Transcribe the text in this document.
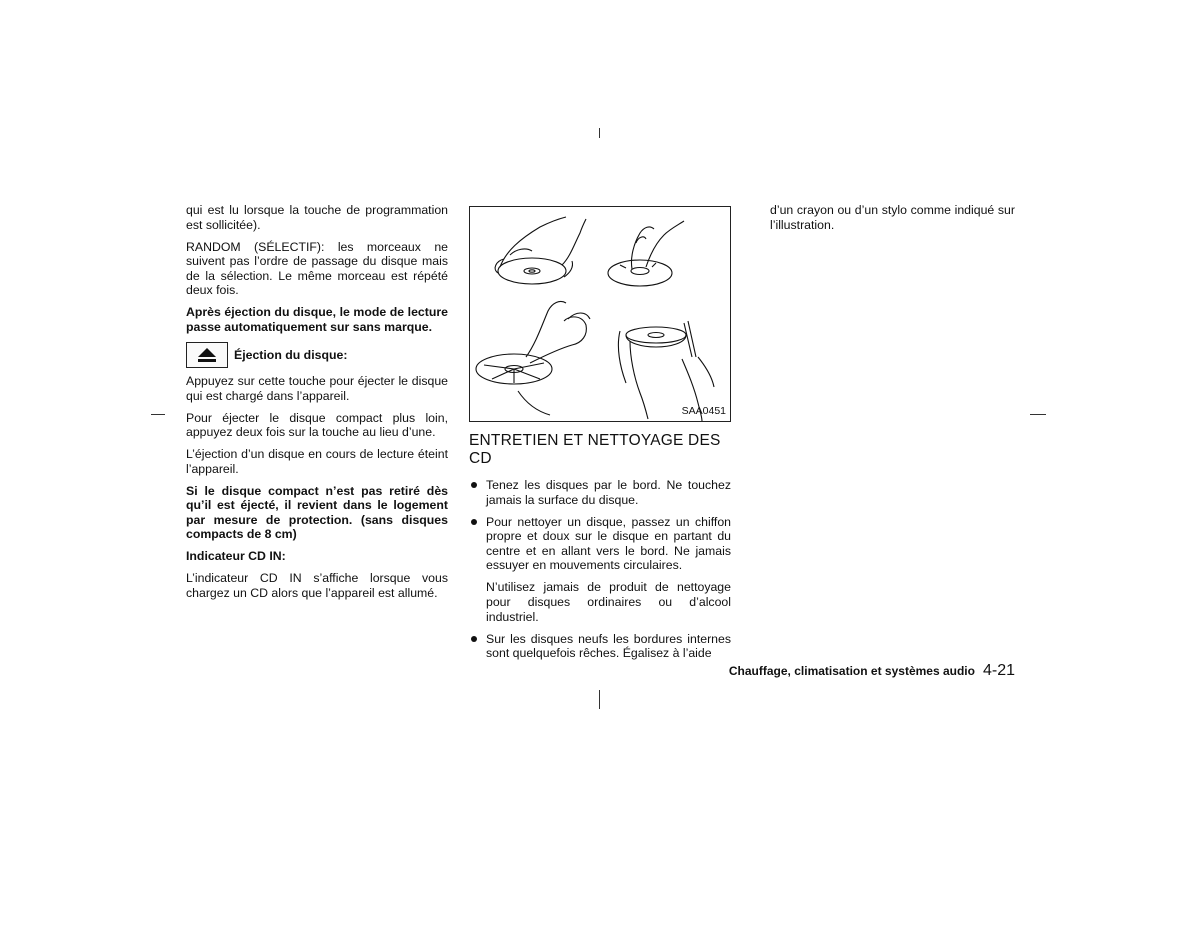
qui est lu lorsque la touche de programmation est sollicitée).

RANDOM (SÉLECTIF): les morceaux ne suivent pas l’ordre de passage du disque mais de la sélection. Le même morceau est répété deux fois.

Après éjection du disque, le mode de lecture passe automatiquement sur sans marque.

Éjection du disque:

Appuyez sur cette touche pour éjecter le disque qui est chargé dans l’appareil.

Pour éjecter le disque compact plus loin, appuyez deux fois sur la touche au lieu d’une.

L’éjection d’un disque en cours de lecture éteint l’appareil.

Si le disque compact n’est pas retiré dès qu’il est éjecté, il revient dans le logement par mesure de protection. (sans disques compacts de 8 cm)

Indicateur CD IN:

L’indicateur CD IN s’affiche lorsque vous chargez un CD alors que l’appareil est allumé.

SAA0451
ENTRETIEN ET NETTOYAGE DES CD

Tenez les disques par le bord. Ne touchez jamais la surface du disque.

Pour nettoyer un disque, passez un chiffon propre et doux sur le disque en partant du centre et en allant vers le bord. Ne jamais essuyer en mouvements circulaires.

N’utilisez jamais de produit de nettoyage pour disques ordinaires ou d’alcool industriel.

Sur les disques neufs les bordures internes sont quelquefois rêches. Égalisez à l’aide

d’un crayon ou d’un stylo comme indiqué sur l’illustration.

Chauffage, climatisation et systèmes audio 4-21
